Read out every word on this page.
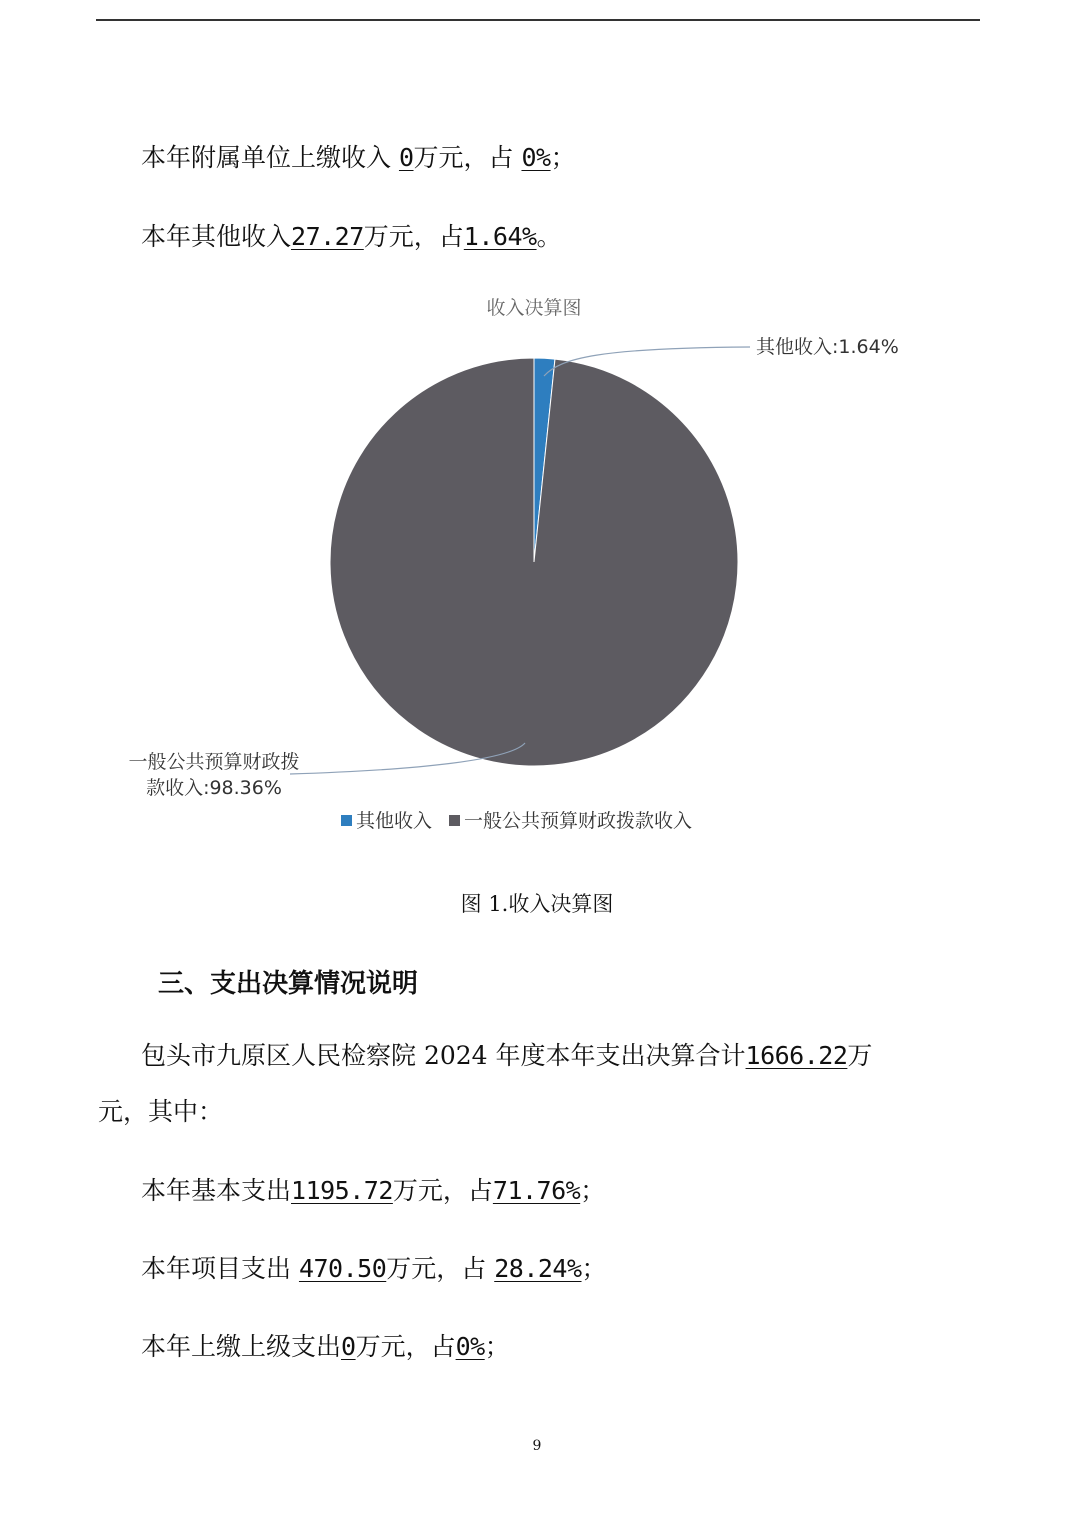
本年附属单位上缴收入 0万元，占 0%；
本年其他收入27.27万元，占1.64%。
收入决算图
其他收入:1.64%
一般公共预算财政拨
款收入:98.36%
其他收入 一般公共预算财政拨款收入
图 1.收入决算图
三、支出决算情况说明
包头市九原区人民检察院 2024 年度本年支出决算合计1666.22万
元，其中：
本年基本支出1195.72万元，占71.76%；
本年项目支出 470.50万元，占 28.24%；
本年上缴上级支出0万元，占0%；
9
